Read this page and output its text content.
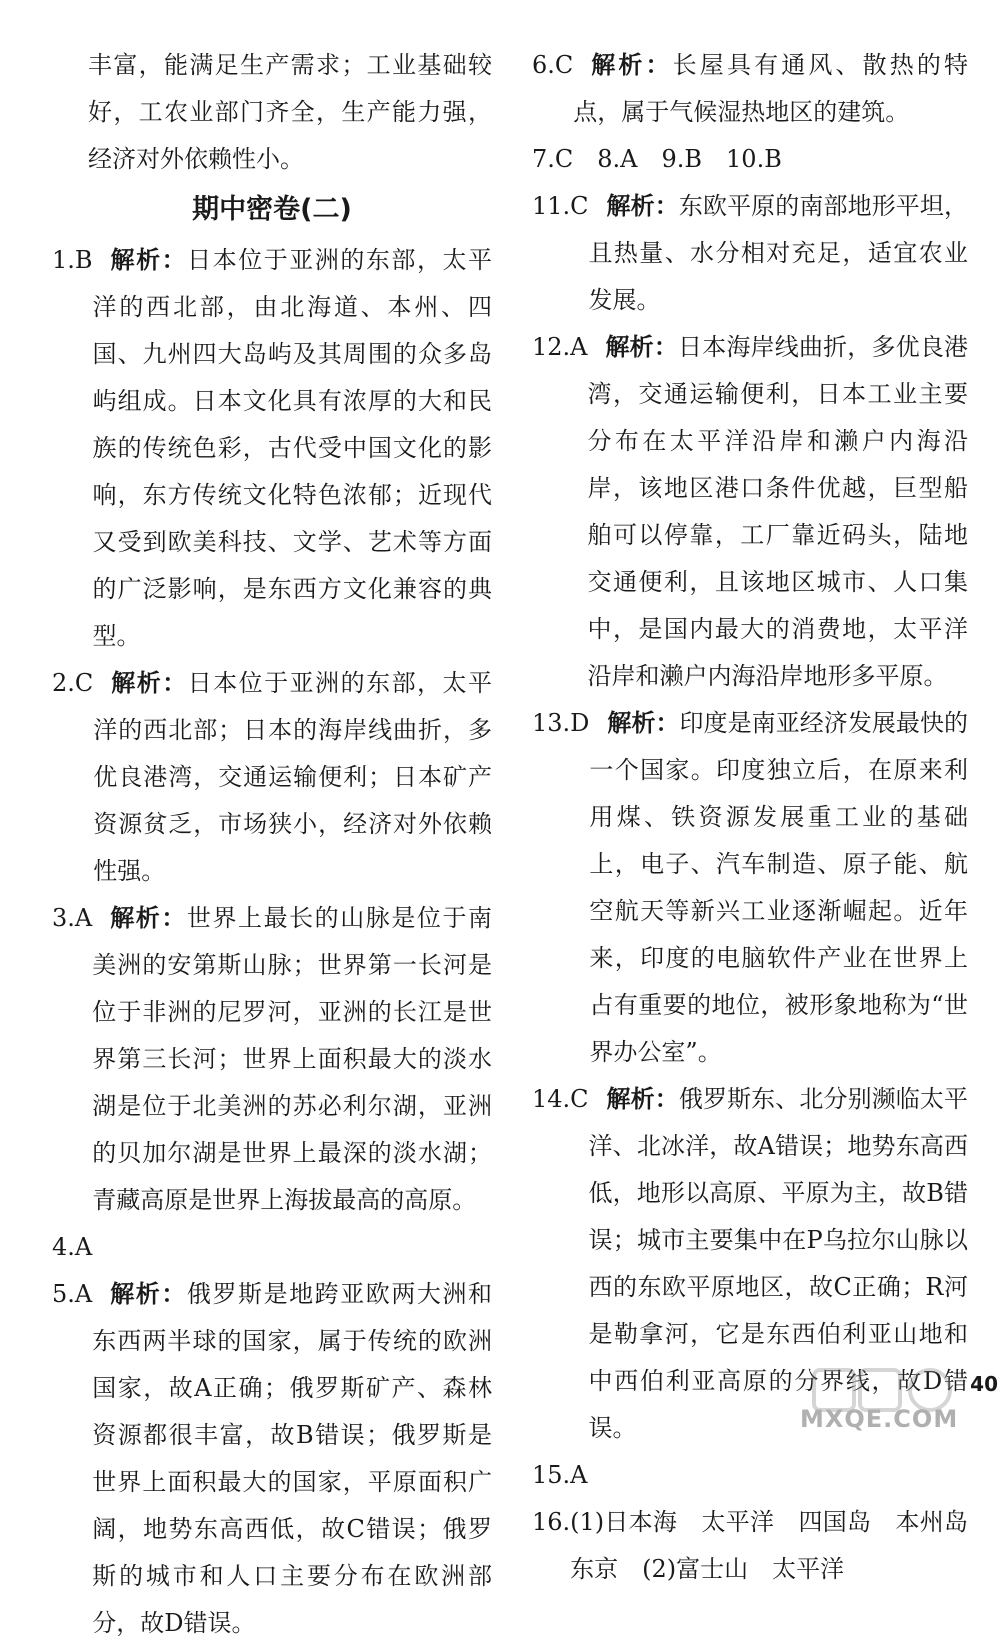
丰富，能满足生产需求；工业基础较好，工农业部门齐全，生产能力强，经济对外依赖性小。
期中密卷(二)
1.B 解析：日本位于亚洲的东部，太平洋的西北部，由北海道、本州、四国、九州四大岛屿及其周围的众多岛屿组成。日本文化具有浓厚的大和民族的传统色彩，古代受中国文化的影响，东方传统文化特色浓郁；近现代又受到欧美科技、文学、艺术等方面的广泛影响，是东西方文化兼容的典型。
2.C 解析：日本位于亚洲的东部，太平洋的西北部；日本的海岸线曲折，多优良港湾，交通运输便利；日本矿产资源贫乏，市场狭小，经济对外依赖性强。
3.A 解析：世界上最长的山脉是位于南美洲的安第斯山脉；世界第一长河是位于非洲的尼罗河，亚洲的长江是世界第三长河；世界上面积最大的淡水湖是位于北美洲的苏必利尔湖，亚洲的贝加尔湖是世界上最深的淡水湖；青藏高原是世界上海拔最高的高原。
4.A
5.A 解析：俄罗斯是地跨亚欧两大洲和东西两半球的国家，属于传统的欧洲国家，故A正确；俄罗斯矿产、森林资源都很丰富，故B错误；俄罗斯是世界上面积最大的国家，平原面积广阔，地势东高西低，故C错误；俄罗斯的城市和人口主要分布在欧洲部分，故D错误。
6.C 解析：长屋具有通风、散热的特点，属于气候湿热地区的建筑。
7.C　8.A　9.B　10.B
11.C 解析：东欧平原的南部地形平坦，且热量、水分相对充足，适宜农业发展。
12.A 解析：日本海岸线曲折，多优良港湾，交通运输便利，日本工业主要分布在太平洋沿岸和濑户内海沿岸，该地区港口条件优越，巨型船舶可以停靠，工厂靠近码头，陆地交通便利，且该地区城市、人口集中，是国内最大的消费地，太平洋沿岸和濑户内海沿岸地形多平原。
13.D 解析：印度是南亚经济发展最快的一个国家。印度独立后，在原来利用煤、铁资源发展重工业的基础上，电子、汽车制造、原子能、航空航天等新兴工业逐渐崛起。近年来，印度的电脑软件产业在世界上占有重要的地位，被形象地称为“世界办公室”。
14.C 解析：俄罗斯东、北分别濒临太平洋、北冰洋，故A错误；地势东高西低，地形以高原、平原为主，故B错误；城市主要集中在P乌拉尔山脉以西的东欧平原地区，故C正确；R河是勒拿河，它是东西伯利亚山地和中西伯利亚高原的分界线，故D错误。
15.A
16. (1)日本海　太平洋　四国岛　本州岛　东京　(2)富士山　太平洋
MXQE.COM
40
